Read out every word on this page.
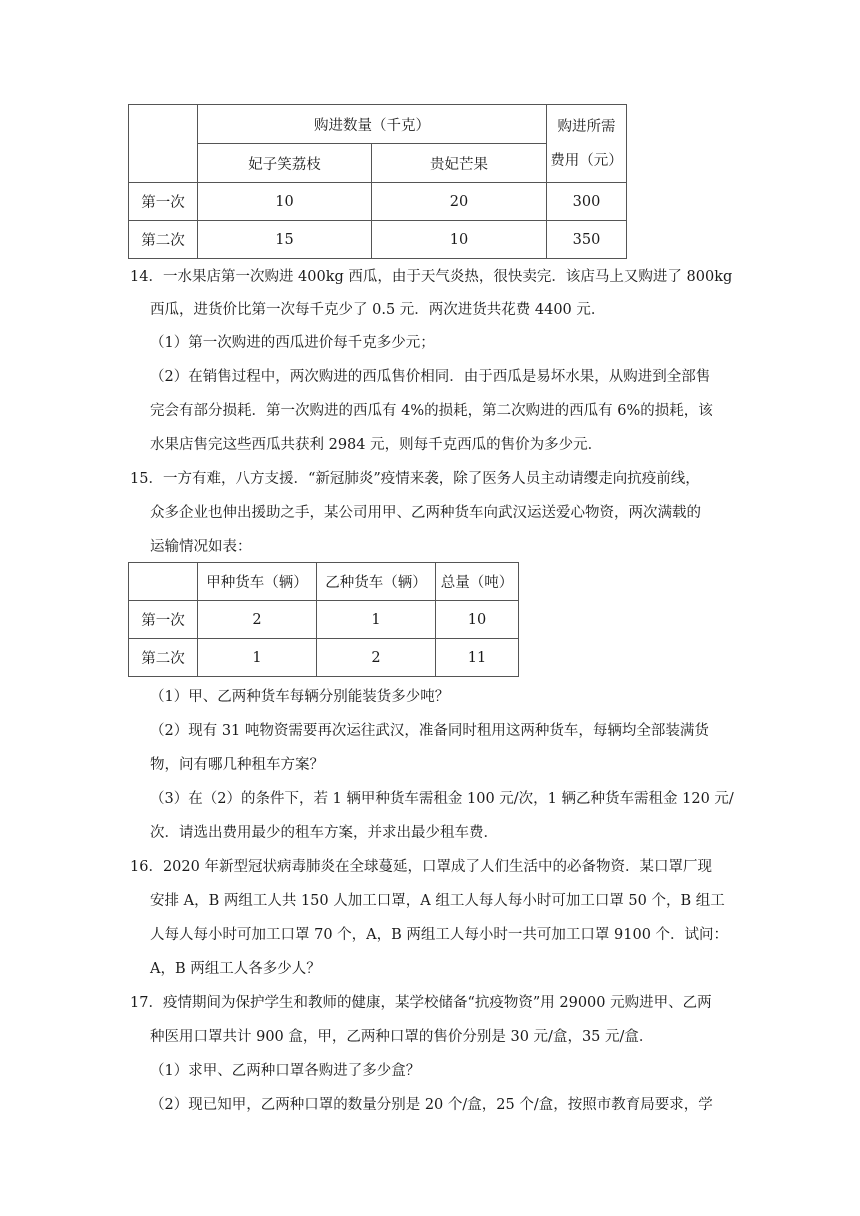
	购进数量（千克）		购进所需
费用（元）
	妃子笑荔枝	贵妃芒果	
第一次	10	20	300
第二次	15	10	350
14．一水果店第一次购进 400kg 西瓜，由于天气炎热，很快卖完．该店马上又购进了 800kg
西瓜，进货价比第一次每千克少了 0.5 元．两次进货共花费 4400 元．
（1）第一次购进的西瓜进价每千克多少元；
（2）在销售过程中，两次购进的西瓜售价相同．由于西瓜是易坏水果，从购进到全部售
完会有部分损耗．第一次购进的西瓜有 4%的损耗，第二次购进的西瓜有 6%的损耗，该
水果店售完这些西瓜共获利 2984 元，则每千克西瓜的售价为多少元．
15．一方有难，八方支援．“新冠肺炎”疫情来袭，除了医务人员主动请缨走向抗疫前线，
众多企业也伸出援助之手，某公司用甲、乙两种货车向武汉运送爱心物资，两次满载的
运输情况如表：
	甲种货车（辆）	乙种货车（辆）	总量（吨）
第一次	2	1	10
第二次	1	2	11
（1）甲、乙两种货车每辆分别能装货多少吨？
（2）现有 31 吨物资需要再次运往武汉，准备同时租用这两种货车，每辆均全部装满货
物，问有哪几种租车方案？
（3）在（2）的条件下，若 1 辆甲种货车需租金 100 元/次，1 辆乙种货车需租金 120 元/
次．请选出费用最少的租车方案，并求出最少租车费．
16．2020 年新型冠状病毒肺炎在全球蔓延，口罩成了人们生活中的必备物资．某口罩厂现
安排 A，B 两组工人共 150 人加工口罩，A 组工人每人每小时可加工口罩 50 个，B 组工
人每人每小时可加工口罩 70 个，A，B 两组工人每小时一共可加工口罩 9100 个．试问：
A，B 两组工人各多少人？
17．疫情期间为保护学生和教师的健康，某学校储备“抗疫物资”用 29000 元购进甲、乙两
种医用口罩共计 900 盒，甲，乙两种口罩的售价分别是 30 元/盒，35 元/盒．
（1）求甲、乙两种口罩各购进了多少盒？
（2）现已知甲，乙两种口罩的数量分别是 20 个/盒，25 个/盒，按照市教育局要求，学
